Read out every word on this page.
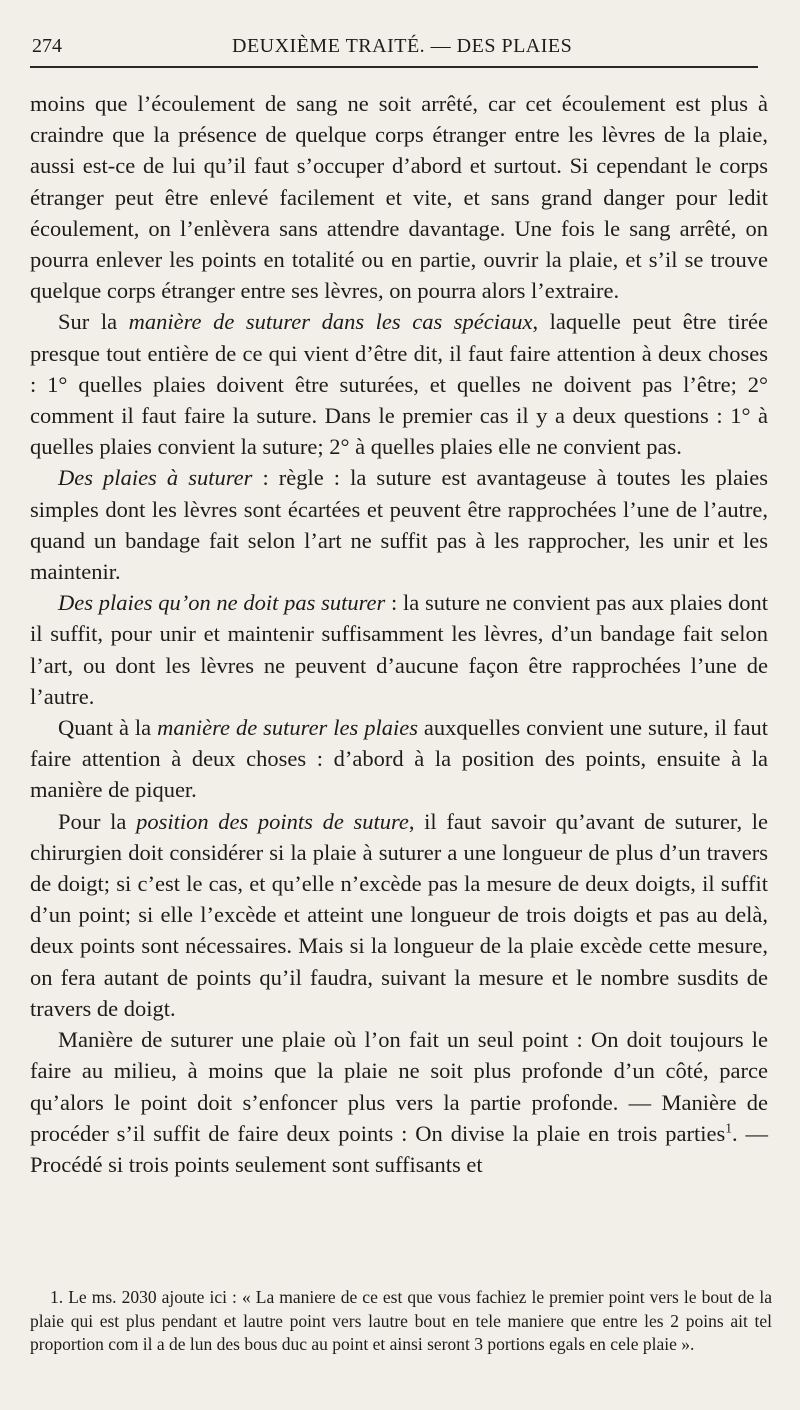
274	DEUXIÈME TRAITÉ. — DES PLAIES

moins que l’écoulement de sang ne soit arrêté, car cet écoulement est plus à craindre que la présence de quelque corps étranger entre les lèvres de la plaie, aussi est-ce de lui qu’il faut s’occuper d’abord et surtout. Si cependant le corps étranger peut être enlevé facilement et vite, et sans grand danger pour ledit écoulement, on l’enlèvera sans attendre davantage. Une fois le sang arrêté, on pourra enlever les points en totalité ou en partie, ouvrir la plaie, et s’il se trouve quelque corps étranger entre ses lèvres, on pourra alors l’extraire.

Sur la manière de suturer dans les cas spéciaux, laquelle peut être tirée presque tout entière de ce qui vient d’être dit, il faut faire attention à deux choses : 1° quelles plaies doivent être suturées, et quelles ne doivent pas l’être; 2° comment il faut faire la suture. Dans le premier cas il y a deux questions : 1° à quelles plaies convient la suture; 2° à quelles plaies elle ne convient pas.

Des plaies à suturer : règle : la suture est avantageuse à toutes les plaies simples dont les lèvres sont écartées et peuvent être rapprochées l’une de l’autre, quand un bandage fait selon l’art ne suffit pas à les rapprocher, les unir et les maintenir.

Des plaies qu’on ne doit pas suturer : la suture ne convient pas aux plaies dont il suffit, pour unir et maintenir suffisamment les lèvres, d’un bandage fait selon l’art, ou dont les lèvres ne peuvent d’aucune façon être rapprochées l’une de l’autre.

Quant à la manière de suturer les plaies auxquelles convient une suture, il faut faire attention à deux choses : d’abord à la position des points, ensuite à la manière de piquer.

Pour la position des points de suture, il faut savoir qu’avant de suturer, le chirurgien doit considérer si la plaie à suturer a une longueur de plus d’un travers de doigt; si c’est le cas, et qu’elle n’excède pas la mesure de deux doigts, il suffit d’un point; si elle l’excède et atteint une longueur de trois doigts et pas au delà, deux points sont nécessaires. Mais si la longueur de la plaie excède cette mesure, on fera autant de points qu’il faudra, suivant la mesure et le nombre susdits de travers de doigt.

Manière de suturer une plaie où l’on fait un seul point : On doit toujours le faire au milieu, à moins que la plaie ne soit plus profonde d’un côté, parce qu’alors le point doit s’enfoncer plus vers la partie profonde. — Manière de procéder s’il suffit de faire deux points : On divise la plaie en trois parties$^1$. — Procédé si trois points seulement sont suffisants et

1. Le ms. 2030 ajoute ici : « La maniere de ce est que vous fachiez le premier point vers le bout de la plaie qui est plus pendant et lautre point vers lautre bout en tele maniere que entre les 2 poins ait tel proportion com il a de lun des bous duc au point et ainsi seront 3 portions egals en cele plaie ».
